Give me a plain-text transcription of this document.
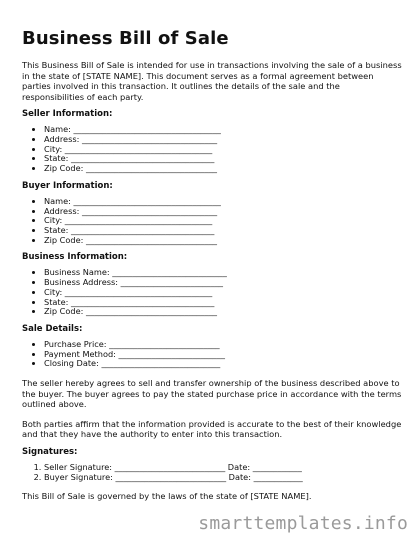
Business Bill of Sale

This Business Bill of Sale is intended for use in transactions involving the sale of a business in the state of [STATE NAME]. This document serves as a formal agreement between parties involved in this transaction. It outlines the details of the sale and the responsibilities of each party.

Seller Information:
• Name: ____________________________________
• Address: _________________________________
• City: ____________________________________
• State: ___________________________________
• Zip Code: ________________________________
Buyer Information:
• Name: ____________________________________
• Address: _________________________________
• City: ____________________________________
• State: ___________________________________
• Zip Code: ________________________________
Business Information:
• Business Name: ____________________________
• Business Address: _________________________
• City: ____________________________________
• State: ___________________________________
• Zip Code: ________________________________
Sale Details:
• Purchase Price: ___________________________
• Payment Method: __________________________
• Closing Date: _____________________________

The seller hereby agrees to sell and transfer ownership of the business described above to the buyer. The buyer agrees to pay the stated purchase price in accordance with the terms outlined above.

Both parties affirm that the information provided is accurate to the best of their knowledge and that they have the authority to enter into this transaction.

Signatures:
1. Seller Signature: ___________________________ Date: ____________
2. Buyer Signature: ___________________________ Date: ____________

This Bill of Sale is governed by the laws of the state of [STATE NAME].

smarttemplates.info
